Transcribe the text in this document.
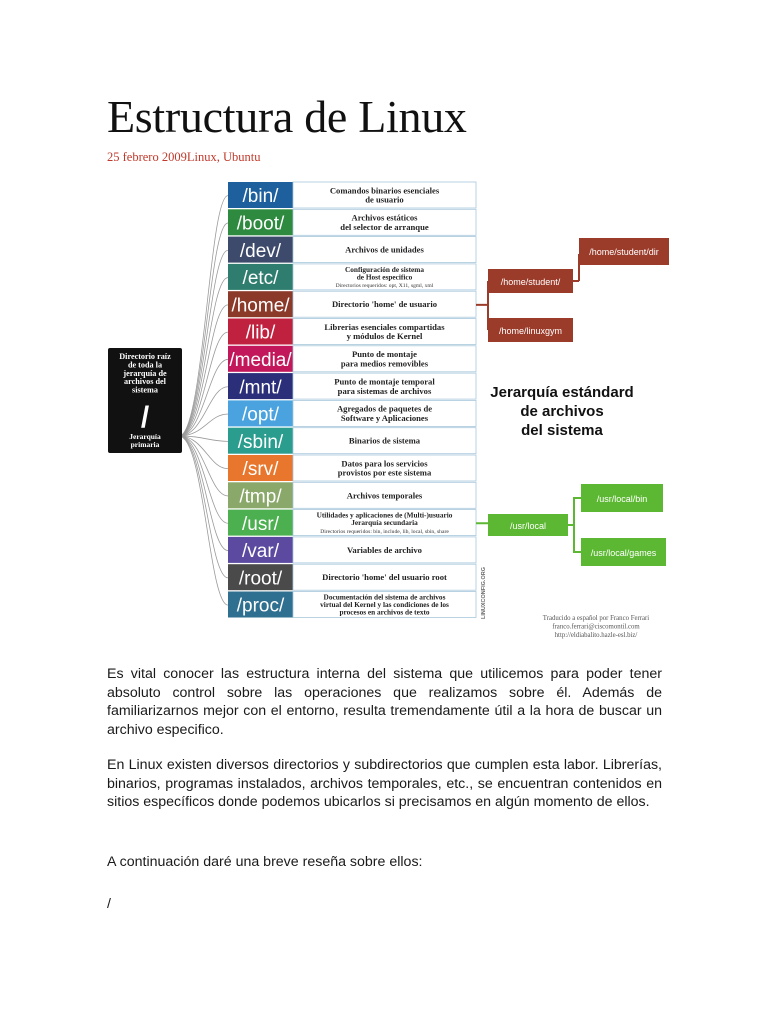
Estructura de Linux
25 febrero 2009Linux, Ubuntu
Directorio raíz
de toda la
jerarquía de
archivos del
sistema
/
Jerarquía
primaria
/bin/	Comandos binarios esenciales
de usuario
/boot/	Archivos estáticos
del selector de arranque
/dev/	Archivos de unidades
/etc/	Configuración de sistema
de Host especifico
Directorios requeridos: opt, X11, sgml, xml
/home/	Directorio 'home' de usuario
/lib/	Librerias esenciales compartidas
y módulos de Kernel
/media/	Punto de montaje
para medios removibles
/mnt/	Punto de montaje temporal
para sistemas de archivos
/opt/	Agregados de paquetes de
Software y Aplicaciones
/sbin/	Binarios de sistema
/srv/	Datos para los servicios
provistos por este sistema
/tmp/	Archivos temporales
/usr/	Utilidades y aplicaciones de (Multi-)usuario
Jerarquía secundaria
Directorios requeridos: bin, include, lib, local, sbin, share
/var/	Variables de archivo
/root/	Directorio 'home' del usuario root
/proc/	Documentación del sistema de archivos
virtual del Kernel y las condiciones de los
procesos en archivos de texto
/home/student/
/home/linuxgym
/home/student/dir
Jerarquía estándard
de archivos
del sistema
/usr/local
/usr/local/bin
/usr/local/games
LINUXCONFIG.ORG	Traducido a español por Franco Ferrari
franco.ferrari@ciscomontil.com
http://eldiabalito.hazle-esl.biz/

Es vital conocer las estructura interna del sistema que utilicemos para poder tener absoluto control sobre las operaciones que realizamos sobre él. Además de familiarizarnos mejor con el entorno, resulta tremendamente útil a la hora de buscar un archivo especifico.

En Linux existen diversos directorios y subdirectorios que cumplen esta labor. Librerías, binarios, programas instalados, archivos temporales, etc., se encuentran contenidos en sitios específicos donde podemos ubicarlos si precisamos en algún momento de ellos.

A continuación daré una breve reseña sobre ellos:

/
